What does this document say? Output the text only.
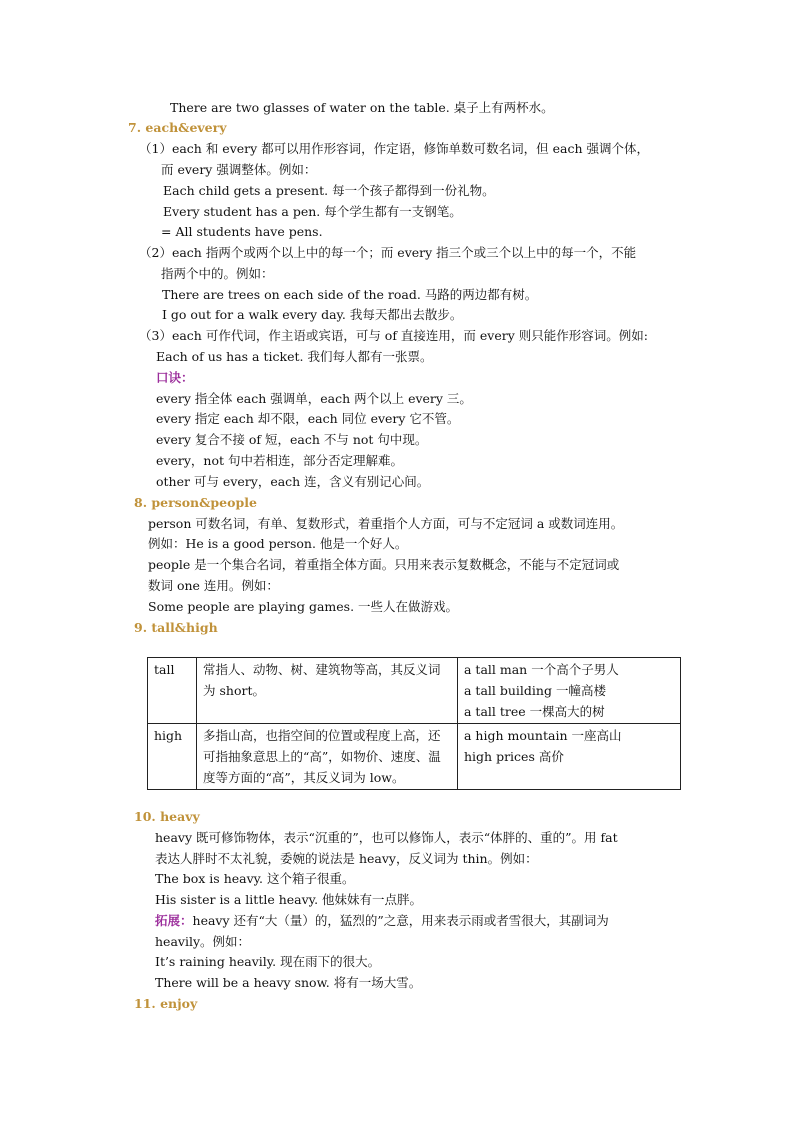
There are two glasses of water on the table. 桌子上有两杯水。
7. each&every
（1）each 和 every 都可以用作形容词，作定语，修饰单数可数名词，但 each 强调个体，
而 every 强调整体。例如：
Each child gets a present. 每一个孩子都得到一份礼物。
Every student has a pen. 每个学生都有一支钢笔。
= All students have pens.
（2）each 指两个或两个以上中的每一个；而 every 指三个或三个以上中的每一个，不能
指两个中的。例如：
There are trees on each side of the road. 马路的两边都有树。
I go out for a walk every day. 我每天都出去散步。
（3）each 可作代词，作主语或宾语，可与 of 直接连用，而 every 则只能作形容词。例如:
Each of us has a ticket. 我们每人都有一张票。
口诀：
every 指全体 each 强调单，each 两个以上 every 三。
every 指定 each 却不限，each 同位 every 它不管。
every 复合不接 of 短，each 不与 not 句中现。
every，not 句中若相连，部分否定理解难。
other 可与 every，each 连，含义有别记心间。
8. person&people
person 可数名词，有单、复数形式，着重指个人方面，可与不定冠词 a 或数词连用。
例如：He is a good person. 他是一个好人。
people 是一个集合名词，着重指全体方面。只用来表示复数概念，不能与不定冠词或
数词 one 连用。例如：
Some people are playing games. 一些人在做游戏。
9. tall&high
tall	常指人、动物、树、建筑物等高，其反义词为 short。	a tall man 一个高个子男人
a tall building 一幢高楼
a tall tree 一棵高大的树

high	多指山高，也指空间的位置或程度上高，还可指抽象意思上的“高”，如物价、速度、温度等方面的“高”，其反义词为 low。	a high mountain 一座高山
high prices 高价
10. heavy
heavy 既可修饰物体，表示“沉重的”，也可以修饰人，表示“体胖的、重的”。用 fat
表达人胖时不太礼貌，委婉的说法是 heavy，反义词为 thin。例如：
The box is heavy. 这个箱子很重。
His sister is a little heavy. 他妹妹有一点胖。
拓展：heavy 还有“大（量）的，猛烈的”之意，用来表示雨或者雪很大，其副词为
heavily。例如：
It’s raining heavily. 现在雨下的很大。
There will be a heavy snow. 将有一场大雪。
11. enjoy
